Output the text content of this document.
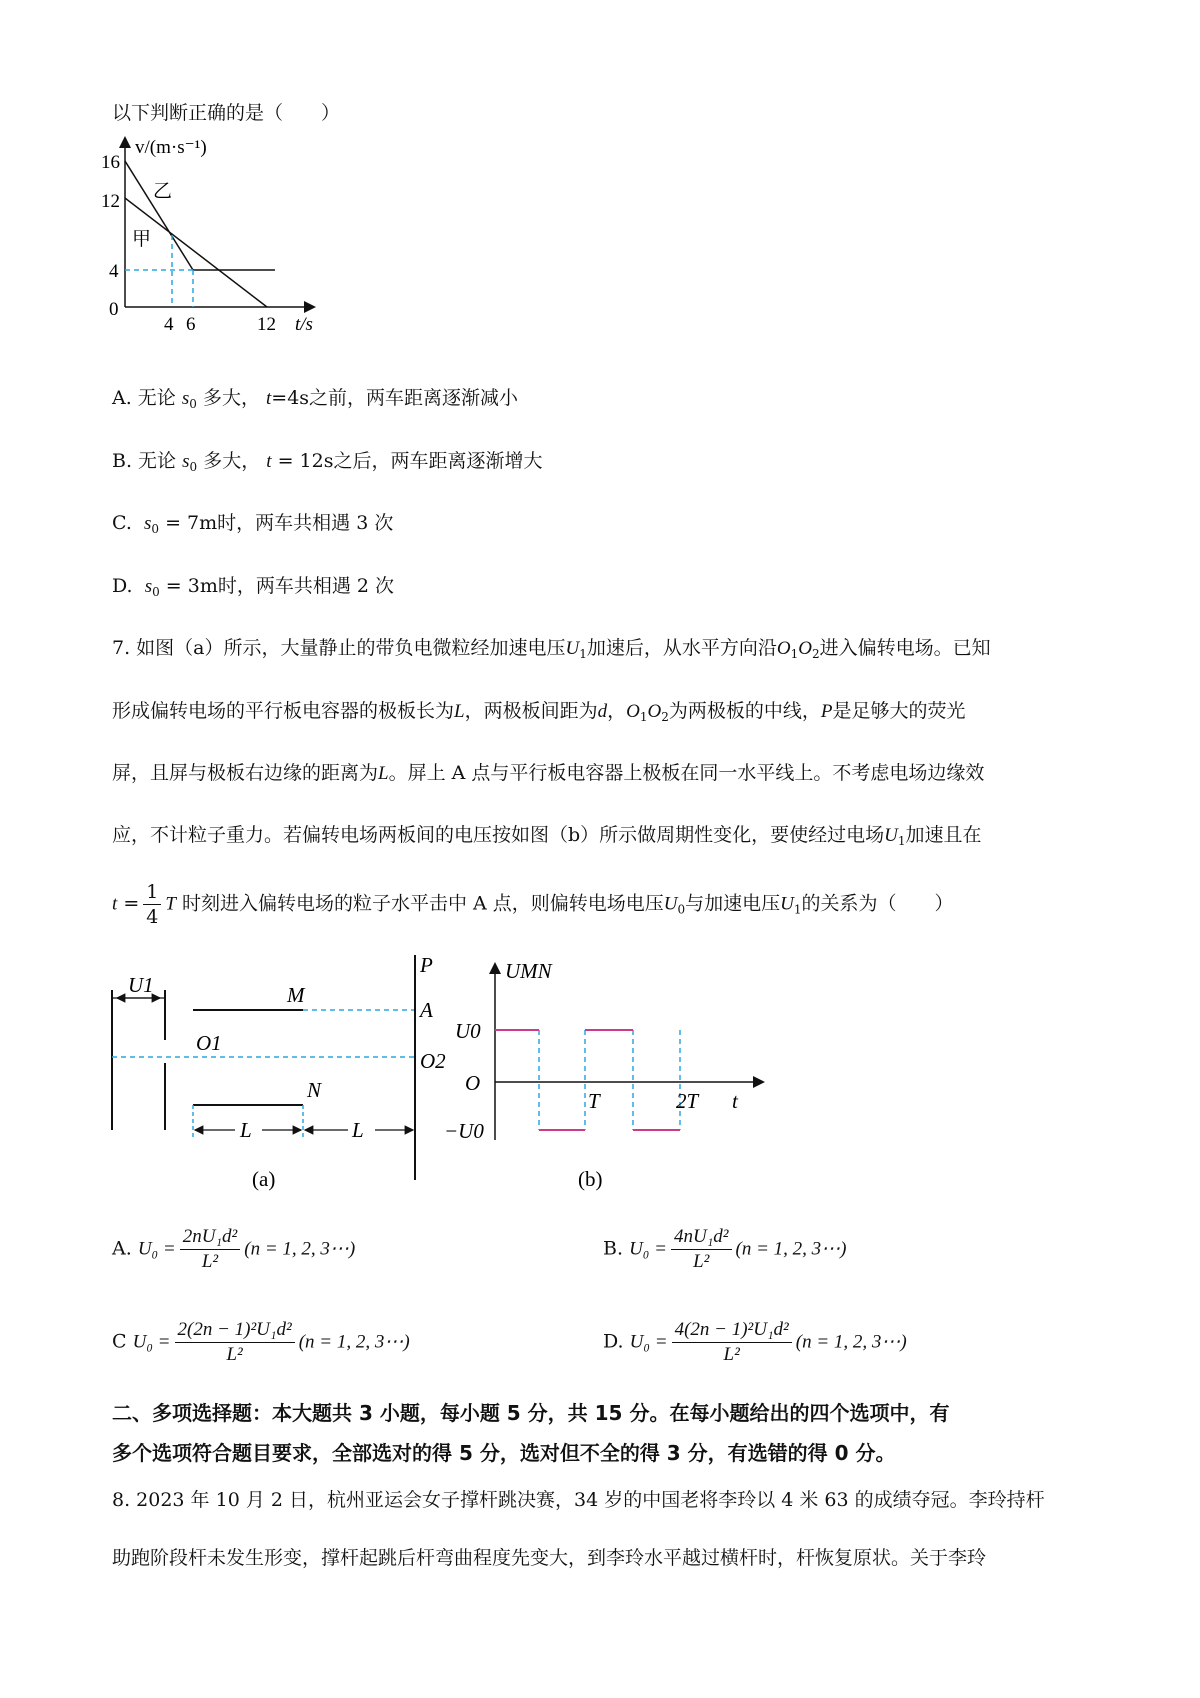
以下判断正确的是（　　）
v/(m·s⁻¹)
16
12
4
0
4 6	12 t/s
乙
甲
A. 无论 $s_0$ 多大， t=4s之前，两车距离逐渐减小
B. 无论 $s_0$ 多大， t = 12s之后，两车距离逐渐增大
C. $s_0 = 7m$时，两车共相遇 3 次
D. $s_0 = 3m$时，两车共相遇 2 次
7. 如图（a）所示，大量静止的带负电微粒经加速电压$U_1$加速后，从水平方向沿$O_1O_2$进入偏转电场。已知
形成偏转电场的平行板电容器的极板长为L，两极板间距为d，$O_1O_2$为两极板的中线，P是足够大的荧光
屏，且屏与极板右边缘的距离为L。屏上 A 点与平行板电容器上极板在同一水平线上。不考虑电场边缘效
应，不计粒子重力。若偏转电场两板间的电压按如图（b）所示做周期性变化，要使经过电场$U_1$加速且在
$t = \frac{1}{4}$ T 时刻进入偏转电场的粒子水平击中 A 点，则偏转电场电压$U_0$与加速电压$U_1$的关系为（　　）
U1	M
O1
N
L	L
P
A
O2
(a)
UMN
U0
O
−U0
T	2T t
(b)
A. $U_0 = \frac{\text{2nU₁d²}}{\text{L²}} (n = 1$, 2, 3⋯)	B. $U_0 = \frac{\text{4nU₁d²}}{\text{L²}} (n = 1$, 2, 3⋯)
C $U_0 = \frac{\text{2(2n − 1)²U₁d²}}{\text{L²}} (n = 1$, 2, 3⋯)	D. $U_0 = \frac{\text{4(2n − 1)²U₁d²}}{\text{L²}} (n = 1$, 2, 3⋯)
二、多项选择题：本大题共 3 小题，每小题 5 分，共 15 分。在每小题给出的四个选项中，有
多个选项符合题目要求，全部选对的得 5 分，选对但不全的得 3 分，有选错的得 0 分。
8. 2023 年 10 月 2 日，杭州亚运会女子撑杆跳决赛，34 岁的中国老将李玲以 4 米 63 的成绩夺冠。李玲持杆
助跑阶段杆未发生形变，撑杆起跳后杆弯曲程度先变大，到李玲水平越过横杆时，杆恢复原状。关于李玲
